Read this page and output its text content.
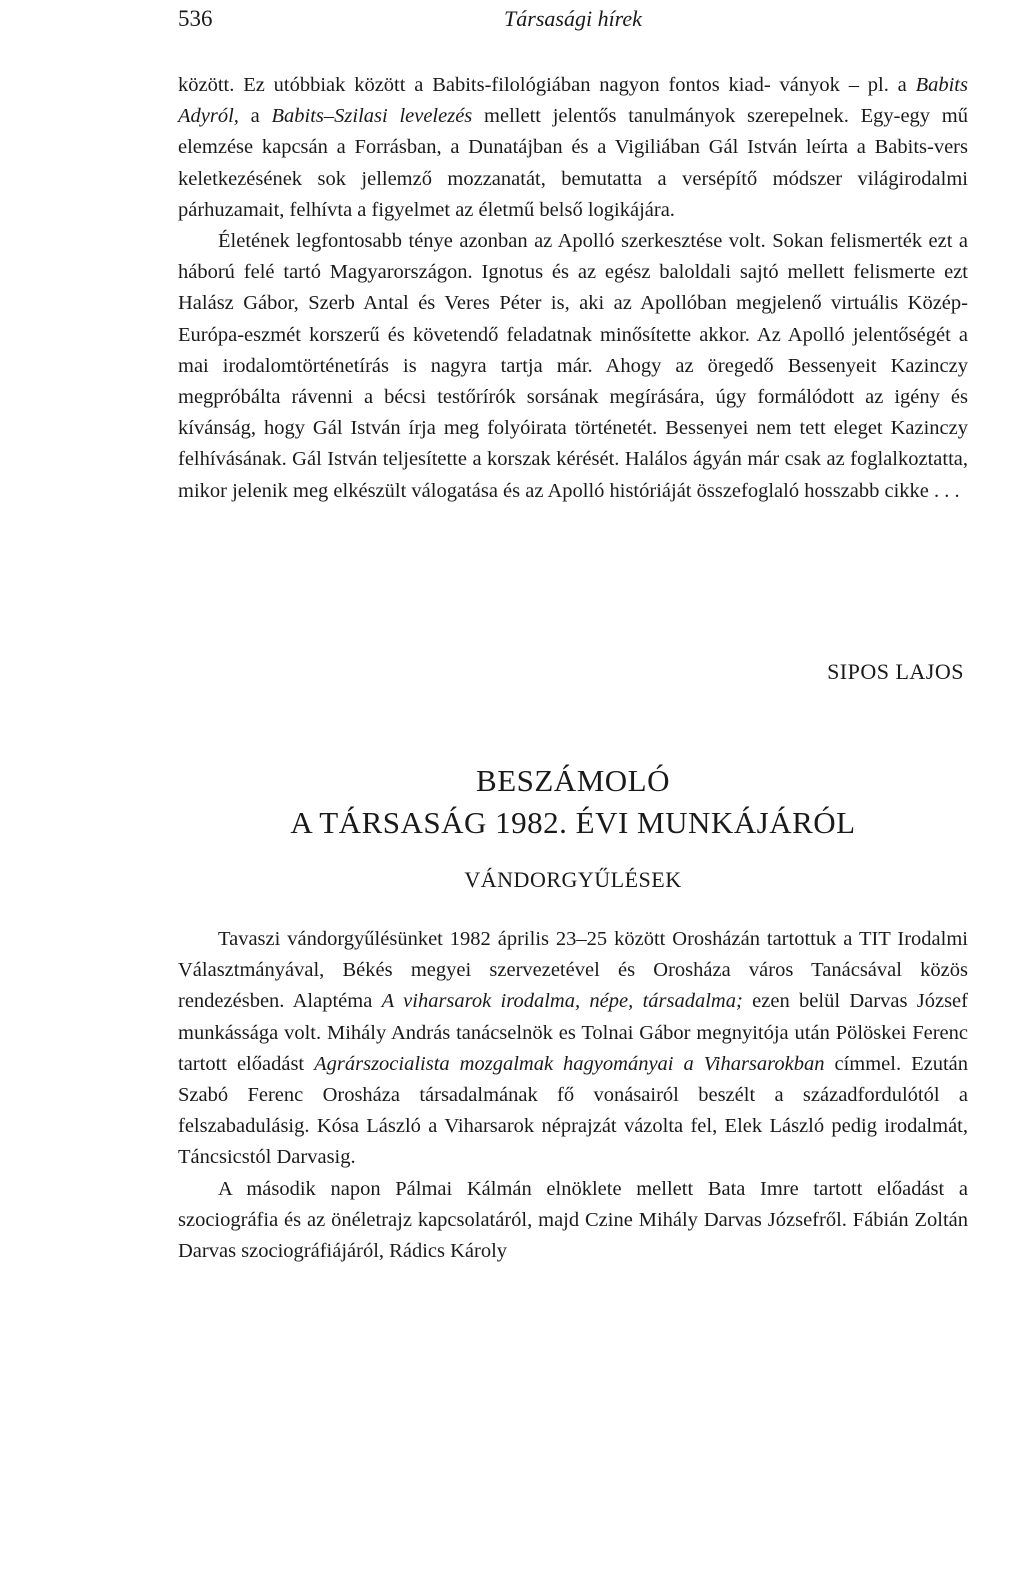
536	Társasági hírek

között. Ez utóbbiak között a Babits-filológiában nagyon fontos kiad- ványok – pl. a Babits Adyról, a Babits–Szilasi levelezés mellett jelentős tanulmányok szerepelnek. Egy-egy mű elemzése kapcsán a Forrásban, a Dunatájban és a Vigiliában Gál István leírta a Babits-vers keletkezésének sok jellemző mozzanatát, bemutatta a versépítő módszer világirodalmi párhuzamait, felhívta a figyelmet az életmű belső logikájára.

Életének legfontosabb ténye azonban az Apolló szerkesztése volt. Sokan felismerték ezt a háború felé tartó Magyarországon. Ignotus és az egész baloldali sajtó mellett felismerte ezt Halász Gábor, Szerb Antal és Veres Péter is, aki az Apollóban megjelenő virtuális Közép-Európa-eszmét korszerű és követendő feladatnak minősítette akkor. Az Apolló jelentőségét a mai irodalomtörténetírás is nagyra tartja már. Ahogy az öregedő Bessenyeit Kazinczy megpróbálta rávenni a bécsi testőrírók sorsának megírására, úgy formálódott az igény és kívánság, hogy Gál István írja meg folyóirata történetét. Bessenyei nem tett eleget Kazinczy felhívásának. Gál István teljesítette a korszak kérését. Halálos ágyán már csak az foglalkoztatta, mikor jelenik meg elkészült válogatása és az Apolló históriáját összefoglaló hosszabb cikke . . .

SIPOS LAJOS
BESZÁMOLÓ
A TÁRSASÁG 1982. ÉVI MUNKÁJÁRÓL
VÁNDORGYŰLÉSEK

Tavaszi vándorgyűlésünket 1982 április 23–25 között Orosházán tartottuk a TIT Irodalmi Választmányával, Békés megyei szervezetével és Orosháza város Tanácsával közös rendezésben. Alaptéma A viharsarok irodalma, népe, társadalma; ezen belül Darvas József munkássága volt. Mihály András tanácselnök es Tolnai Gábor megnyitója után Pölöskei Ferenc tartott előadást Agrárszocialista mozgalmak hagyományai a Viharsarokban címmel. Ezután Szabó Ferenc Orosháza társadalmának fő vonásairól beszélt a századfordulótól a felszabadulásig. Kósa László a Viharsarok néprajzát vázolta fel, Elek László pedig irodalmát, Táncsicstól Darvasig.

A második napon Pálmai Kálmán elnöklete mellett Bata Imre tartott előadást a szociográfia és az önéletrajz kapcsolatáról, majd Czine Mihály Darvas Józsefről. Fábián Zoltán Darvas szociográfiájáról, Rádics Károly
